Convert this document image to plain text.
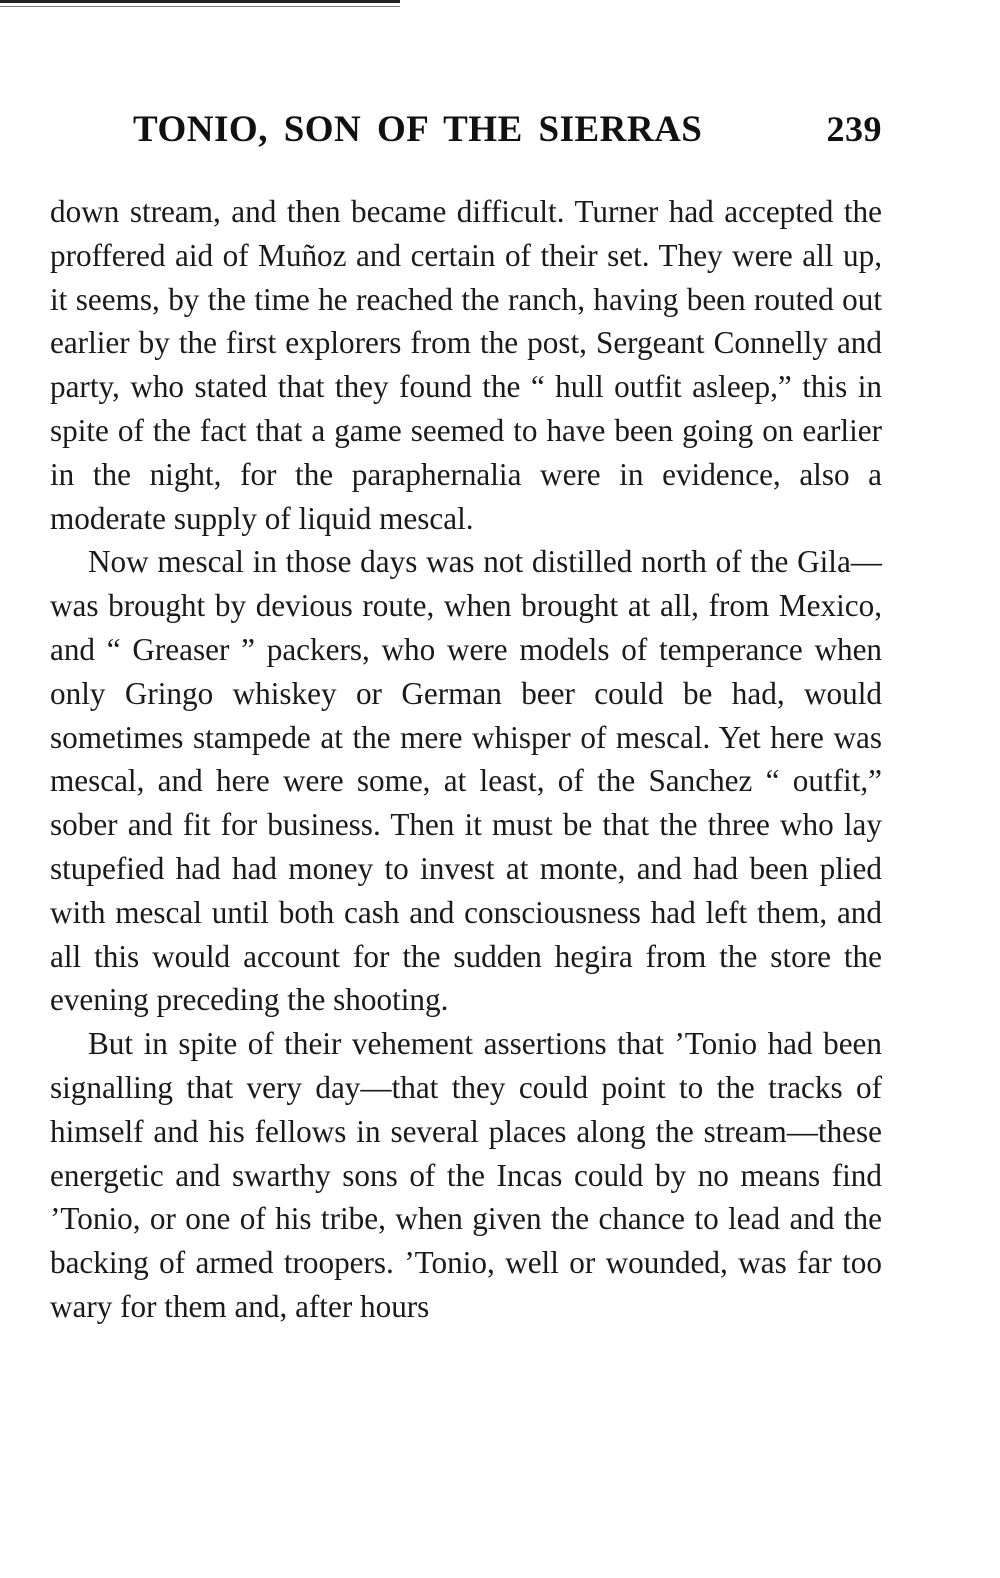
TONIO, SON OF THE SIERRAS	239

down stream, and then became difficult. Turner had accepted the proffered aid of Muñoz and certain of their set. They were all up, it seems, by the time he reached the ranch, having been routed out earlier by the first explorers from the post, Sergeant Connelly and party, who stated that they found the “ hull outfit asleep,” this in spite of the fact that a game seemed to have been going on earlier in the night, for the paraphernalia were in evidence, also a moderate supply of liquid mescal.

Now mescal in those days was not distilled north of the Gila—was brought by devious route, when brought at all, from Mexico, and “ Greaser ” packers, who were models of temperance when only Gringo whiskey or German beer could be had, would sometimes stampede at the mere whisper of mescal. Yet here was mescal, and here were some, at least, of the Sanchez “ outfit,” sober and fit for business. Then it must be that the three who lay stupefied had had money to invest at monte, and had been plied with mescal until both cash and consciousness had left them, and all this would account for the sudden hegira from the store the evening preceding the shooting.

But in spite of their vehement assertions that ’Tonio had been signalling that very day—that they could point to the tracks of himself and his fellows in several places along the stream—these energetic and swarthy sons of the Incas could by no means find ’Tonio, or one of his tribe, when given the chance to lead and the backing of armed troopers. ’Tonio, well or wounded, was far too wary for them and, after hours
